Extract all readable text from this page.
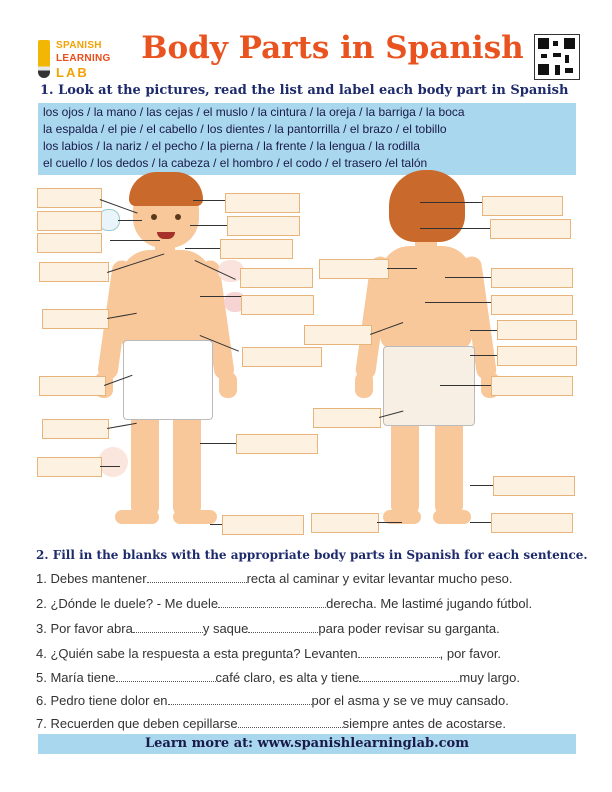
SPANISH
LEARNING
LAB
Body Parts in Spanish
1. Look at the pictures, read the list and label each body part in Spanish
los ojos / la mano / las cejas / el muslo / la cintura / la oreja / la barriga / la boca
la espalda / el pie / el cabello / los dientes / la pantorrilla / el brazo / el tobillo
los labios / la nariz / el pecho / la pierna / la frente / la lengua / la rodilla
el cuello / los dedos / la cabeza / el hombro / el codo / el trasero /el talón
2. Fill in the blanks with the appropriate body parts in Spanish for each sentence.
1. Debes mantener	recta al caminar y evitar levantar mucho peso.
2. ¿Dónde le duele? - Me duele	derecha. Me lastimé jugando fútbol.
3. Por favor abra	y saque	para poder revisar su garganta.
4. ¿Quién sabe la respuesta a esta pregunta? Levanten	, por favor.
5. María tiene	café claro, es alta y tiene	muy largo.
6. Pedro tiene dolor en	por el asma y se ve muy cansado.
7. Recuerden que deben cepillarse	siempre antes de acostarse.
Learn more at: www.spanishlearninglab.com
